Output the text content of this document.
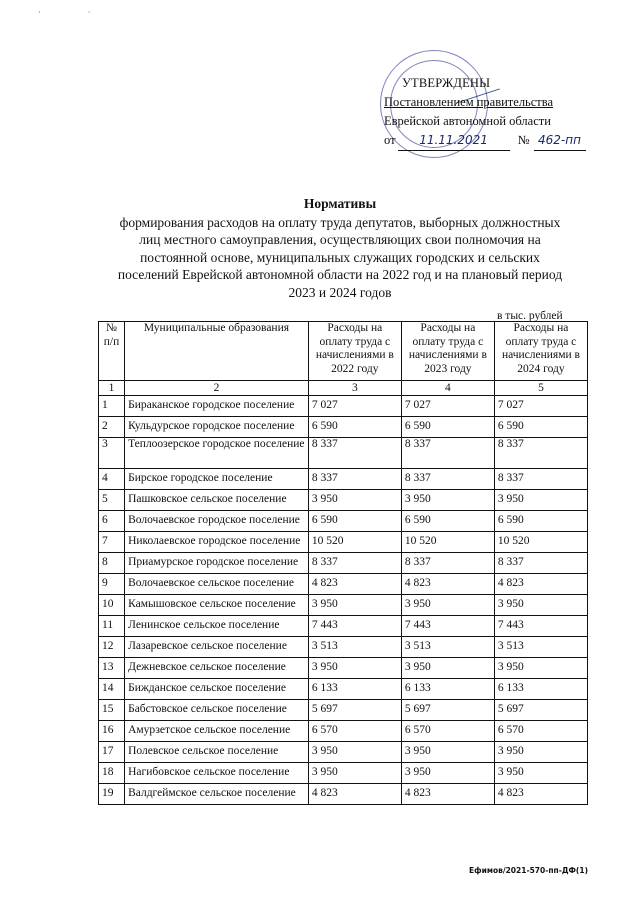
· ·
УТВЕРЖДЕНЫ
Постановлением правительства
Еврейской автономной области
от	11.11.2021	№ 462-пп
Нормативы
формирования расходов на оплату труда депутатов, выборных должностных
лиц местного самоуправления, осуществляющих свои полномочия на
постоянной основе, муниципальных служащих городских и сельских
поселений Еврейской автономной области на 2022 год и на плановый период
2023 и 2024 годов
в тыс. рублей
№ п/п	Муниципальные образования	Расходы на оплату труда с начислениями в 2022 году	Расходы на оплату труда с начислениями в 2023 году	Расходы на оплату труда с начислениями в 2024 году
1	2	3	4	5
1	Бираканское городское поселение	7 027	7 027	7 027
2	Кульдурское городское поселение	6 590	6 590	6 590
3	Теплоозерское городское поселение	8 337	8 337	8 337
4	Бирское городское поселение	8 337	8 337	8 337
5	Пашковское сельское поселение	3 950	3 950	3 950
6	Волочаевское городское поселение	6 590	6 590	6 590
7	Николаевское городское поселение	10 520	10 520	10 520
8	Приамурское городское поселение	8 337	8 337	8 337
9	Волочаевское сельское поселение	4 823	4 823	4 823
10	Камышовское сельское поселение	3 950	3 950	3 950
11	Ленинское сельское поселение	7 443	7 443	7 443
12	Лазаревское сельское поселение	3 513	3 513	3 513
13	Дежневское сельское поселение	3 950	3 950	3 950
14	Бижданское сельское поселение	6 133	6 133	6 133
15	Бабстовское сельское поселение	5 697	5 697	5 697
16	Амурзетское сельское поселение	6 570	6 570	6 570
17	Полевское сельское поселение	3 950	3 950	3 950
18	Нагибовское сельское поселение	3 950	3 950	3 950
19	Валдгеймское сельское поселение	4 823	4 823	4 823
Ефимов/2021-570-пп-ДФ(1)
